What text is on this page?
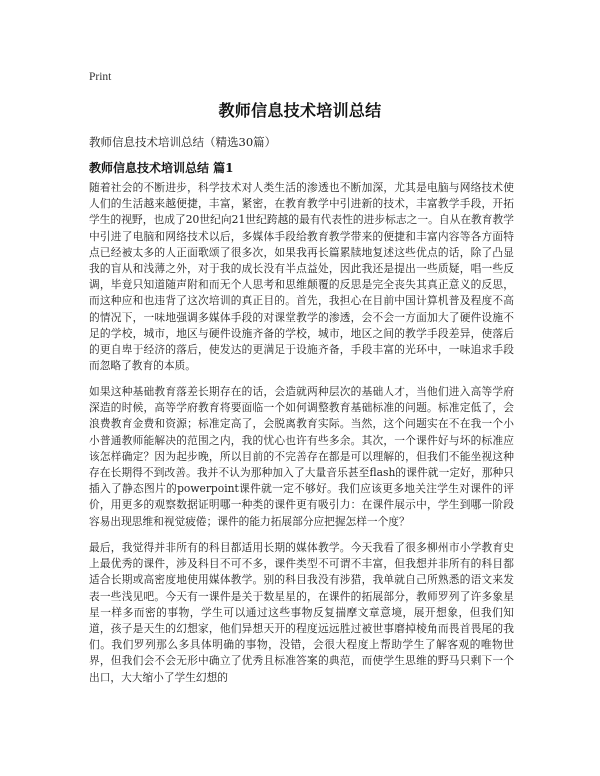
Print
教师信息技术培训总结
教师信息技术培训总结（精选30篇）
教师信息技术培训总结 篇1

随着社会的不断进步，科学技术对人类生活的渗透也不断加深，尤其是电脑与网络技术使人们的生活越来越便捷，丰富，紧密，在教育教学中引进新的技术，丰富教学手段，开拓学生的视野，也成了20世纪向21世纪跨越的最有代表性的进步标志之一。自从在教育教学中引进了电脑和网络技术以后，多媒体手段给教育教学带来的便捷和丰富内容等各方面特点已经被太多的人正面歌颂了很多次，如果我再长篇累牍地复述这些优点的话，除了凸显我的盲从和浅薄之外，对于我的成长没有半点益处，因此我还是提出一些质疑，唱一些反调，毕竟只知道随声附和而无个人思考和思维颠覆的反思是完全丧失其真正意义的反思，而这种应和也违背了这次培训的真正目的。首先，我担心在目前中国计算机普及程度不高的情况下，一味地强调多媒体手段的对课堂教学的渗透，会不会一方面加大了硬件设施不足的学校，城市，地区与硬件设施齐备的学校，城市，地区之间的教学手段差异，使落后的更自卑于经济的落后，使发达的更满足于设施齐备，手段丰富的光环中，一味追求手段而忽略了教育的本质。

如果这种基础教育落差长期存在的话，会造就两种层次的基础人才，当他们进入高等学府深造的时候，高等学府教育将要面临一个如何调整教育基础标准的问题。标准定低了，会浪费教育金费和资源；标准定高了，会脱离教育实际。当然，这个问题实在不在我一个小小普通教师能解决的范围之内，我的忧心也许有些多余。其次，一个课件好与坏的标准应该怎样确定？因为起步晚，所以目前的不完善存在都是可以理解的，但我们不能坐视这种存在长期得不到改善。我并不认为那种加入了大量音乐甚至flash的课件就一定好，那种只插入了静态图片的powerpoint课件就一定不够好。我们应该更多地关注学生对课件的评价，用更多的观察数据证明哪一种类的课件更有吸引力：在课件展示中，学生到哪一阶段容易出现思维和视觉疲倦；课件的能力拓展部分应把握怎样一个度？

最后，我觉得并非所有的科目都适用长期的媒体教学。今天我看了很多柳州市小学教育史上最优秀的课件，涉及科目不可不多，课件类型不可谓不丰富，但我想并非所有的科目都适合长期或高密度地使用媒体教学。别的科目我没有涉猎，我单就自己所熟悉的语文来发表一些浅见吧。今天有一课件是关于数星星的，在课件的拓展部分，教师罗列了许多象星星一样多而密的事物，学生可以通过这些事物反复揣摩文章意境，展开想象，但我们知道，孩子是天生的幻想家，他们异想天开的程度远远胜过被世事磨掉棱角而畏首畏尾的我们。我们罗列那么多具体明确的事物，没错，会很大程度上帮助学生了解客观的唯物世界，但我们会不会无形中确立了优秀且标准答案的典范，而使学生思维的野马只剩下一个出口，大大缩小了学生幻想的
